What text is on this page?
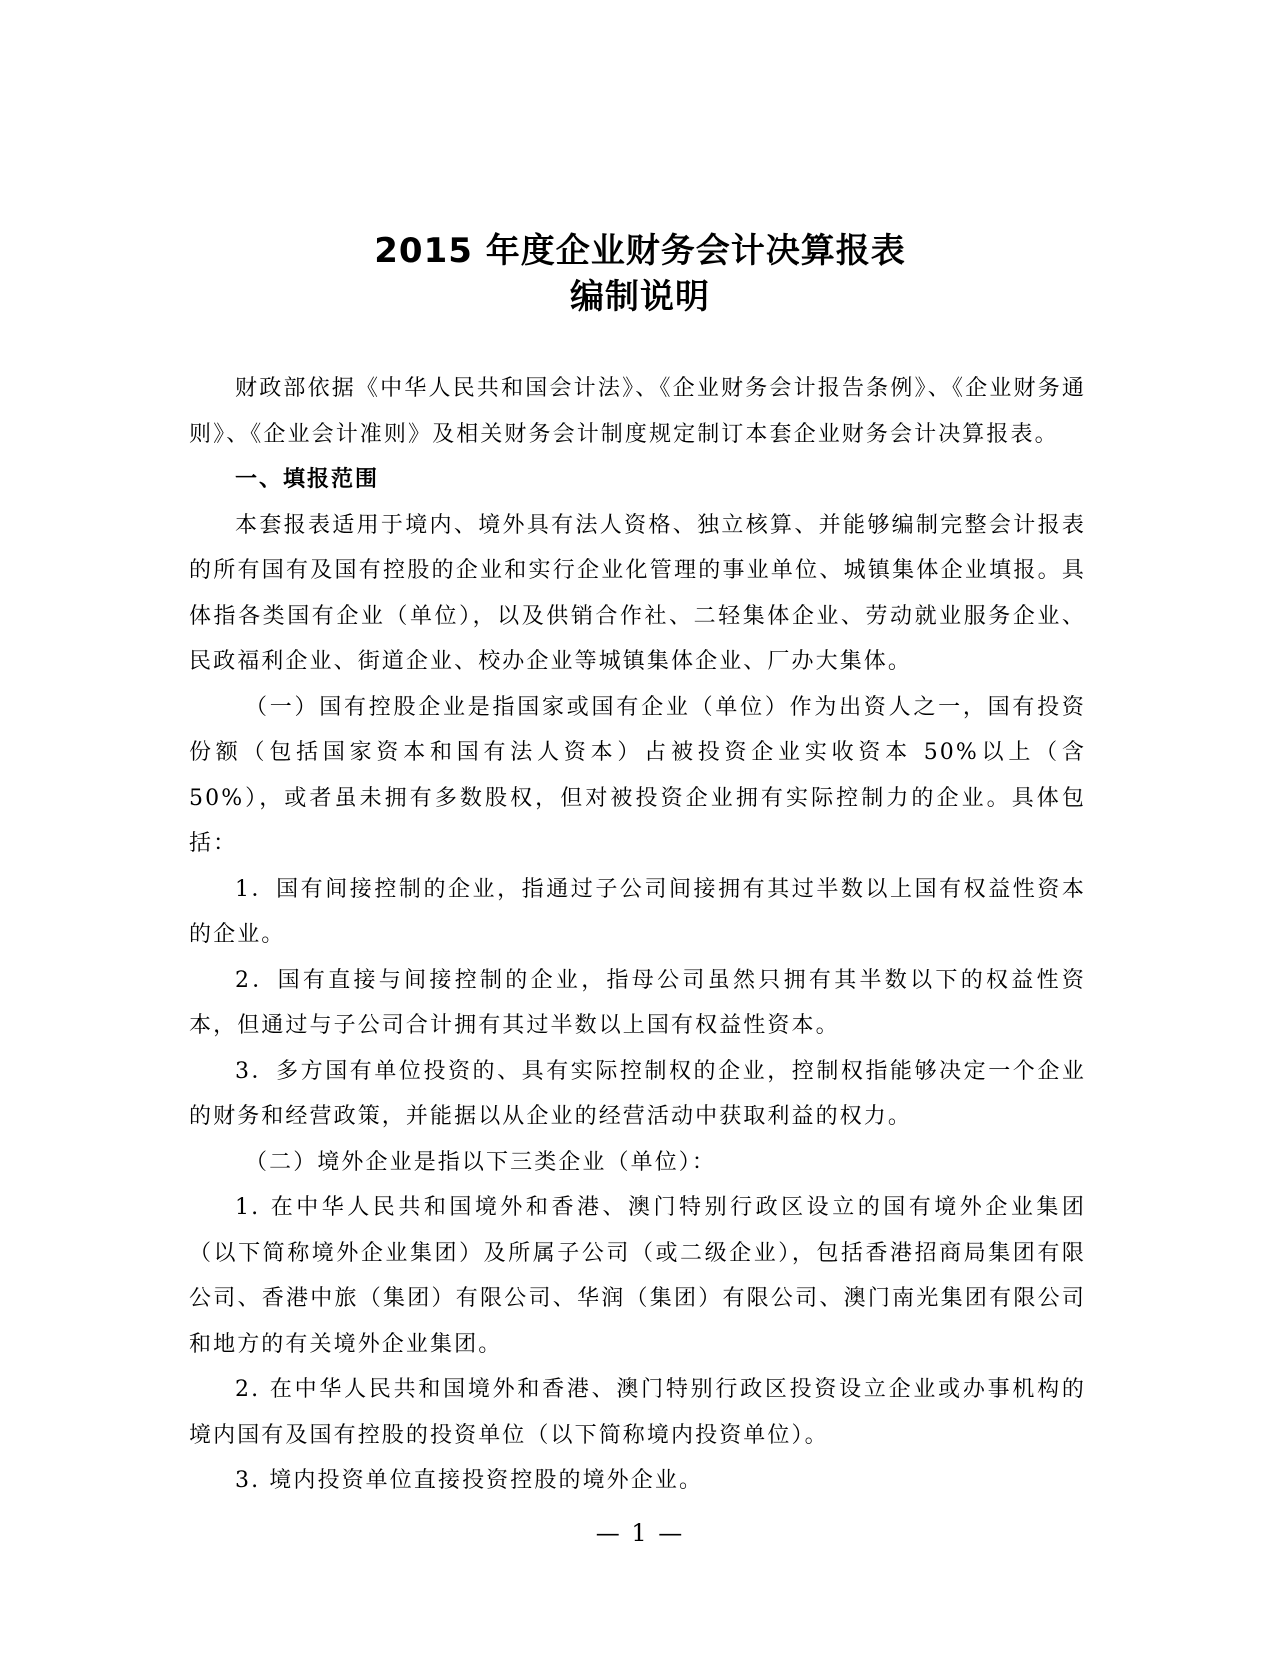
2015 年度企业财务会计决算报表
编制说明

财政部依据《中华人民共和国会计法》、《企业财务会计报告条例》、《企业财务通则》、《企业会计准则》及相关财务会计制度规定制订本套企业财务会计决算报表。

一、填报范围

本套报表适用于境内、境外具有法人资格、独立核算、并能够编制完整会计报表的所有国有及国有控股的企业和实行企业化管理的事业单位、城镇集体企业填报。具体指各类国有企业（单位），以及供销合作社、二轻集体企业、劳动就业服务企业、民政福利企业、街道企业、校办企业等城镇集体企业、厂办大集体。

（一）国有控股企业是指国家或国有企业（单位）作为出资人之一，国有投资份额（包括国家资本和国有法人资本）占被投资企业实收资本 50%以上（含 50%），或者虽未拥有多数股权，但对被投资企业拥有实际控制力的企业。具体包括：

1．国有间接控制的企业，指通过子公司间接拥有其过半数以上国有权益性资本的企业。

2．国有直接与间接控制的企业，指母公司虽然只拥有其半数以下的权益性资本，但通过与子公司合计拥有其过半数以上国有权益性资本。

3．多方国有单位投资的、具有实际控制权的企业，控制权指能够决定一个企业的财务和经营政策，并能据以从企业的经营活动中获取利益的权力。

（二）境外企业是指以下三类企业（单位）：

1. 在中华人民共和国境外和香港、澳门特别行政区设立的国有境外企业集团（以下简称境外企业集团）及所属子公司（或二级企业），包括香港招商局集团有限公司、香港中旅（集团）有限公司、华润（集团）有限公司、澳门南光集团有限公司和地方的有关境外企业集团。

2. 在中华人民共和国境外和香港、澳门特别行政区投资设立企业或办事机构的境内国有及国有控股的投资单位（以下简称境内投资单位）。

3. 境内投资单位直接投资控股的境外企业。

— 1 —
